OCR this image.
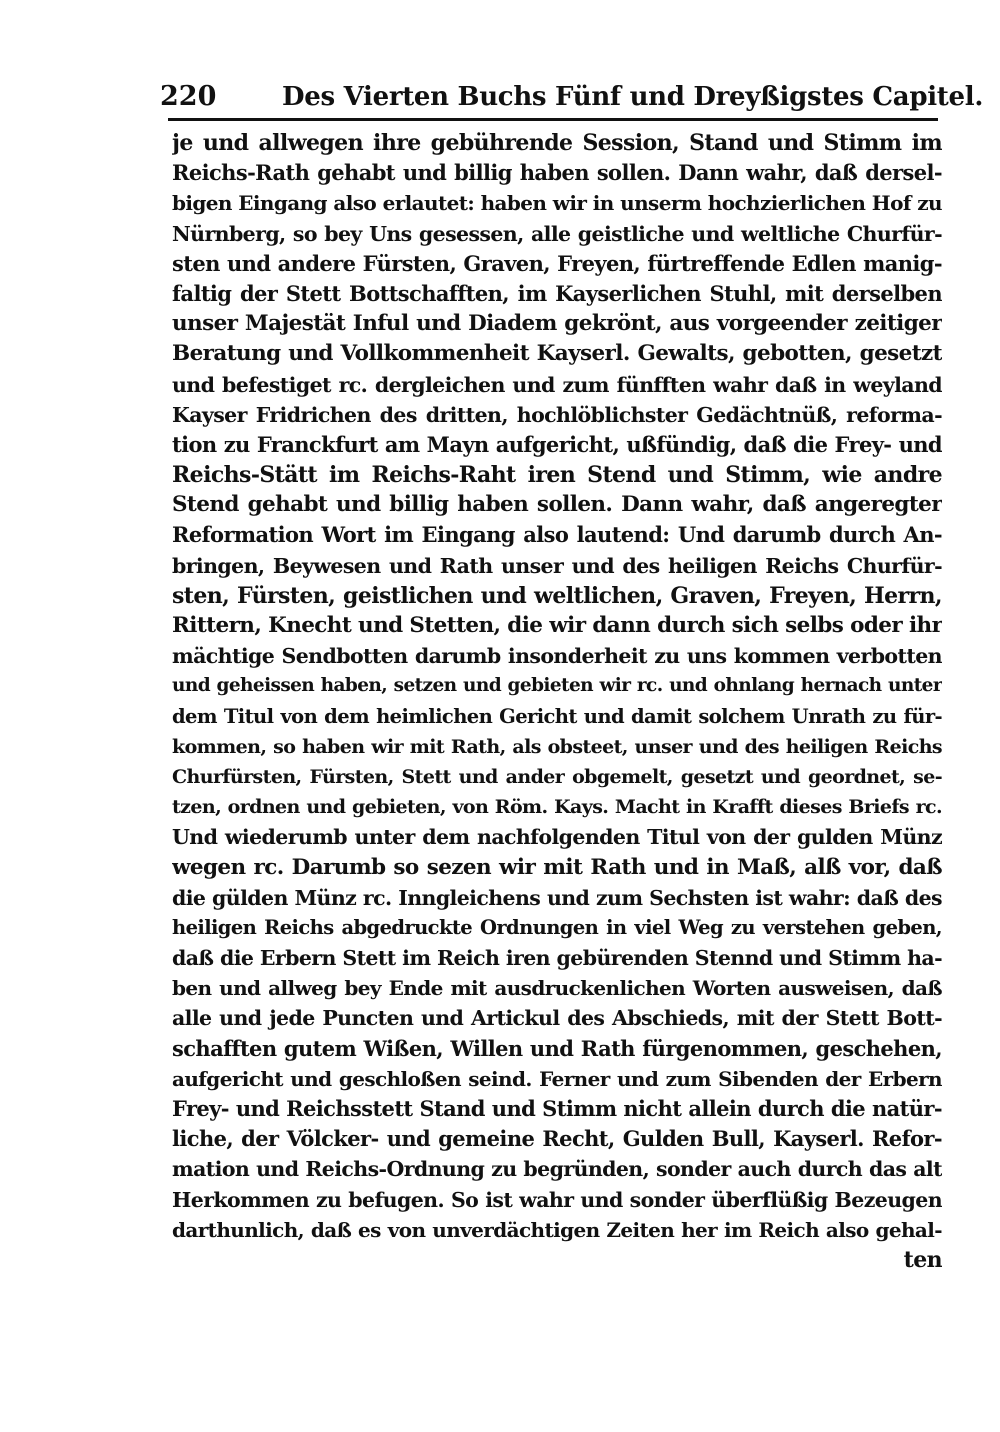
220	Des Vierten Buchs Fünf und Dreyßigstes Capitel.
je und allwegen ihre gebührende Session, Stand und Stimm im
Reichs-Rath gehabt und billig haben sollen. Dann wahr, daß dersel-
bigen Eingang also erlautet: haben wir in unserm hochzierlichen Hof zu
Nürnberg, so bey Uns gesessen, alle geistliche und weltliche Churfür-
sten und andere Fürsten, Graven, Freyen, fürtreffende Edlen manig-
faltig der Stett Bottschafften, im Kayserlichen Stuhl, mit derselben
unser Majestät Inful und Diadem gekrönt, aus vorgeender zeitiger
Beratung und Vollkommenheit Kayserl. Gewalts, gebotten, gesetzt
und befestiget rc. dergleichen und zum fünfften wahr daß in weyland
Kayser Fridrichen des dritten, hochlöblichster Gedächtnüß, reforma-
tion zu Franckfurt am Mayn aufgericht, ußfündig, daß die Frey- und
Reichs-Stätt im Reichs-Raht iren Stend und Stimm, wie andre
Stend gehabt und billig haben sollen. Dann wahr, daß angeregter
Reformation Wort im Eingang also lautend: Und darumb durch An-
bringen, Beywesen und Rath unser und des heiligen Reichs Churfür-
sten, Fürsten, geistlichen und weltlichen, Graven, Freyen, Herrn,
Rittern, Knecht und Stetten, die wir dann durch sich selbs oder ihr
mächtige Sendbotten darumb insonderheit zu uns kommen verbotten
und geheissen haben, setzen und gebieten wir rc. und ohnlang hernach unter
dem Titul von dem heimlichen Gericht und damit solchem Unrath zu für-
kommen, so haben wir mit Rath, als obsteet, unser und des heiligen Reichs
Churfürsten, Fürsten, Stett und ander obgemelt, gesetzt und geordnet, se-
tzen, ordnen und gebieten, von Röm. Kays. Macht in Krafft dieses Briefs rc.
Und wiederumb unter dem nachfolgenden Titul von der gulden Münz
wegen rc. Darumb so sezen wir mit Rath und in Maß, alß vor, daß
die gülden Münz rc. Inngleichens und zum Sechsten ist wahr: daß des
heiligen Reichs abgedruckte Ordnungen in viel Weg zu verstehen geben,
daß die Erbern Stett im Reich iren gebürenden Stennd und Stimm ha-
ben und allweg bey Ende mit ausdruckenlichen Worten ausweisen, daß
alle und jede Puncten und Artickul des Abschieds, mit der Stett Bott-
schafften gutem Wißen, Willen und Rath fürgenommen, geschehen,
aufgericht und geschloßen seind. Ferner und zum Sibenden der Erbern
Frey- und Reichsstett Stand und Stimm nicht allein durch die natür-
liche, der Völcker- und gemeine Recht, Gulden Bull, Kayserl. Refor-
mation und Reichs-Ordnung zu begründen, sonder auch durch das alt
Herkommen zu befugen. So ist wahr und sonder überflüßig Bezeugen
darthunlich, daß es von unverdächtigen Zeiten her im Reich also gehal-
ten
